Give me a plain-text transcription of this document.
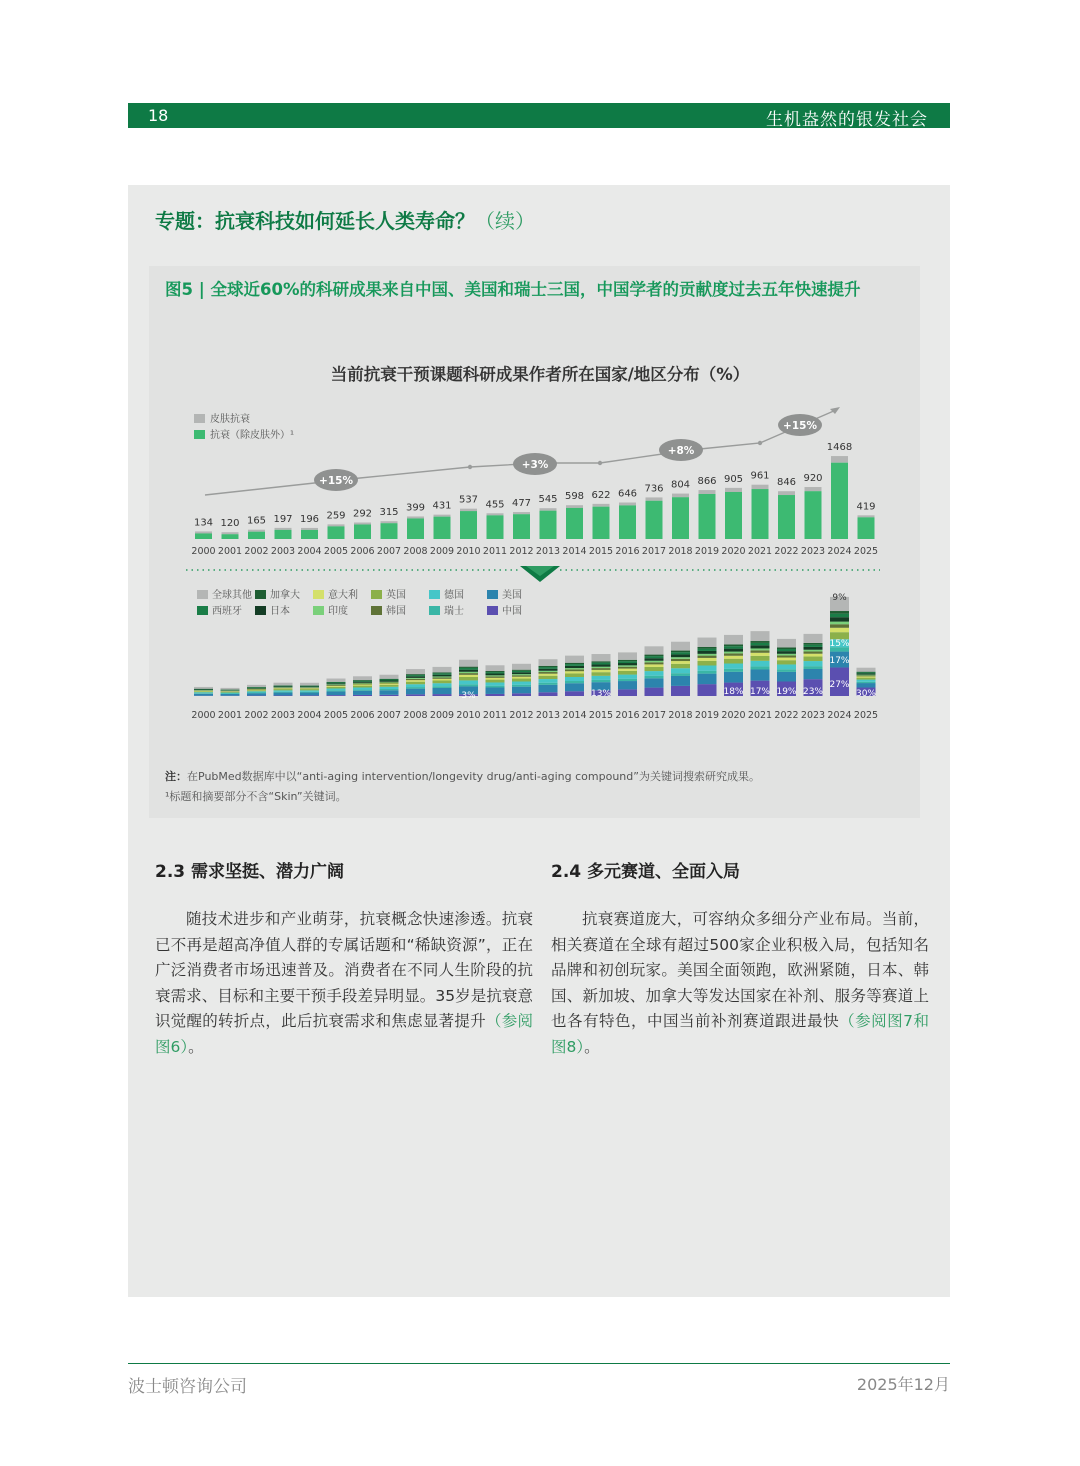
18	生机盎然的银发社会
专题：抗衰科技如何延长人类寿命？（续）
图5 | 全球近60%的科研成果来自中国、美国和瑞士三国，中国学者的贡献度过去五年快速提升
当前抗衰干预课题科研成果作者所在国家/地区分布（%）
皮肤抗衰
抗衰（除皮肤外）¹
+15%
+3%
+8%
+15%
134
2000
120
2001
165
2002
197
2003
196
2004
259
2005
292
2006
315
2007
399
2008
431
2009
537
2010
455
2011
477
2012
545
2013
598
2014
622
2015
646
2016
736
2017
804
2018
866
2019
905
2020
961
2021
846
2022
920
2023
1468
2024
419
2025
全球其他 加拿大	意大利	英国	德国	美国
西班牙	日本	印度	韩国	瑞士	中国
2000 2001 2002 2003 2004 2005 2006 2007 2008 2009 2010 2011 2012 2013 2014 2015 2016 2017 2018 2019 2020 2021 2022 2023 2024 2025
3%	13%	18% 17% 19% 23%
27%
17%
15%
9%
30%
注：在PubMed数据库中以“anti-aging intervention/longevity drug/anti-aging compound”为关键词搜索研究成果。
¹标题和摘要部分不含“Skin”关键词。
2.3 需求坚挺、潜力广阔
随技术进步和产业萌芽，抗衰概念快速渗透。抗衰已不再是超高净值人群的专属话题和“稀缺资源”，正在广泛消费者市场迅速普及。消费者在不同人生阶段的抗衰需求、目标和主要干预手段差异明显。35岁是抗衰意识觉醒的转折点，此后抗衰需求和焦虑显著提升（参阅图6）。
2.4 多元赛道、全面入局
抗衰赛道庞大，可容纳众多细分产业布局。当前，相关赛道在全球有超过500家企业积极入局，包括知名品牌和初创玩家。美国全面领跑，欧洲紧随，日本、韩国、新加坡、加拿大等发达国家在补剂、服务等赛道上也各有特色，中国当前补剂赛道跟进最快（参阅图7和图8）。
波士顿咨询公司	2025年12月
